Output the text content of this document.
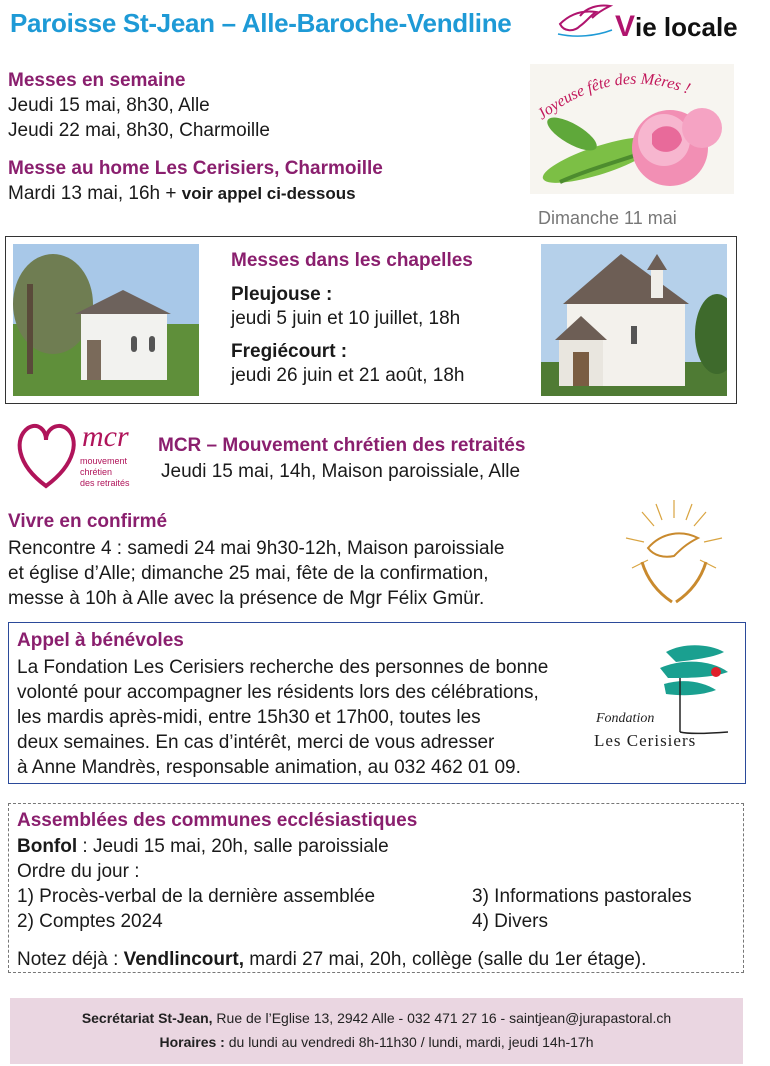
Paroisse St-Jean – Alle-Baroche-Vendline	Vie locale
Messes en semaine
Jeudi 15 mai, 8h30, Alle
Jeudi 22 mai, 8h30, Charmoille
Messe au home Les Cerisiers, Charmoille
Mardi 13 mai, 16h + voir appel ci-dessous
Joyeuse fête des Mères !
Dimanche 11 mai
Messes dans les chapelles
Pleujouse :
jeudi 5 juin et 10 juillet, 18h
Fregiécourt :
jeudi 26 juin et 21 août, 18h
mcr
mouvement
chrétien
des retraités
MCR – Mouvement chrétien des retraités
Jeudi 15 mai, 14h, Maison paroissiale, Alle
Vivre en confirmé
Rencontre 4 : samedi 24 mai 9h30-12h, Maison paroissiale
et église d’Alle; dimanche 25 mai, fête de la confirmation,
messe à 10h à Alle avec la présence de Mgr Félix Gmür.
Appel à bénévoles
La Fondation Les Cerisiers recherche des personnes de bonne
volonté pour accompagner les résidents lors des célébrations,
les mardis après-midi, entre 15h30 et 17h00, toutes les
deux semaines. En cas d’intérêt, merci de vous adresser
à Anne Mandrès, responsable animation, au 032 462 01 09.
Fondation
Les Cerisiers
Assemblées des communes ecclésiastiques
Bonfol : Jeudi 15 mai, 20h, salle paroissiale
Ordre du jour :
1) Procès-verbal de la dernière assemblée
2) Comptes 2024
3) Informations pastorales
4) Divers
Notez déjà : Vendlincourt, mardi 27 mai, 20h, collège (salle du 1er étage).
Secrétariat St-Jean, Rue de l’Eglise 13, 2942 Alle - 032 471 27 16 - saintjean@jurapastoral.ch
Horaires : du lundi au vendredi 8h-11h30 / lundi, mardi, jeudi 14h-17h
